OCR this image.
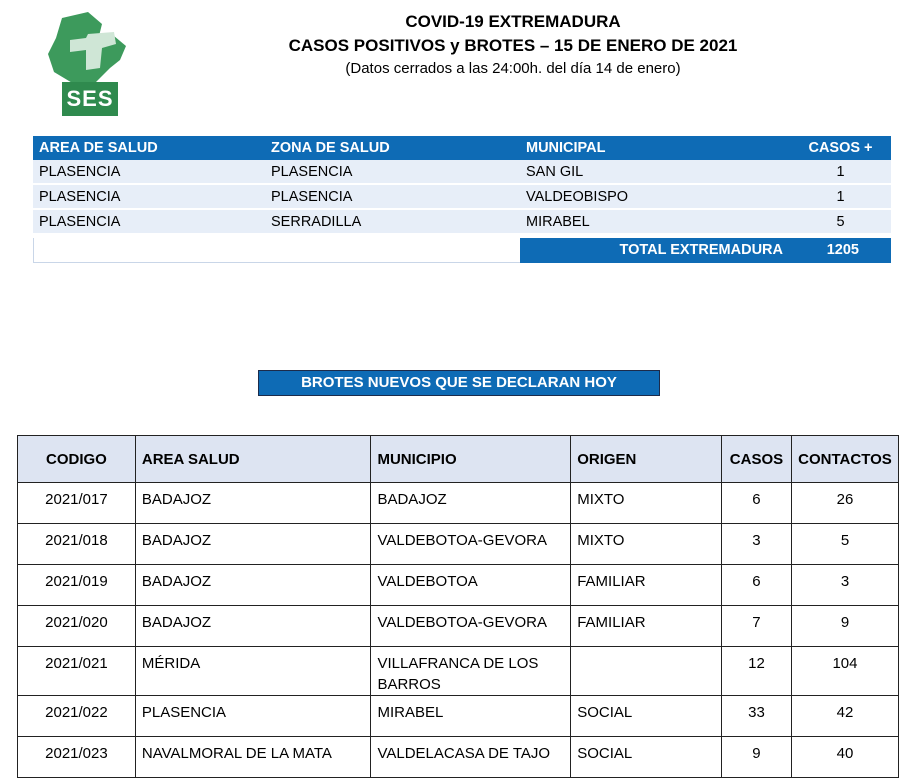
SES
COVID-19 EXTREMADURA
CASOS POSITIVOS y BROTES – 15 DE ENERO DE 2021
(Datos cerrados a las 24:00h. del día 14 de enero)
AREA DE SALUD	ZONA DE SALUD	MUNICIPAL	CASOS +
PLASENCIA	PLASENCIA	SAN GIL	1
PLASENCIA	PLASENCIA	VALDEOBISPO	1
PLASENCIA	SERRADILLA	MIRABEL	5
TOTAL EXTREMADURA	1205
BROTES NUEVOS QUE SE DECLARAN HOY
CODIGO	AREA SALUD	MUNICIPIO	ORIGEN	CASOS	CONTACTOS
2021/017	BADAJOZ	BADAJOZ	MIXTO	6	26
2021/018	BADAJOZ	VALDEBOTOA-GEVORA	MIXTO	3	5
2021/019	BADAJOZ	VALDEBOTOA	FAMILIAR	6	3
2021/020	BADAJOZ	VALDEBOTOA-GEVORA	FAMILIAR	7	9
2021/021	MÉRIDA	VILLAFRANCA DE LOS BARROS		12	104
2021/022	PLASENCIA	MIRABEL	SOCIAL	33	42
2021/023	NAVALMORAL DE LA MATA	VALDELACASA DE TAJO	SOCIAL	9	40
